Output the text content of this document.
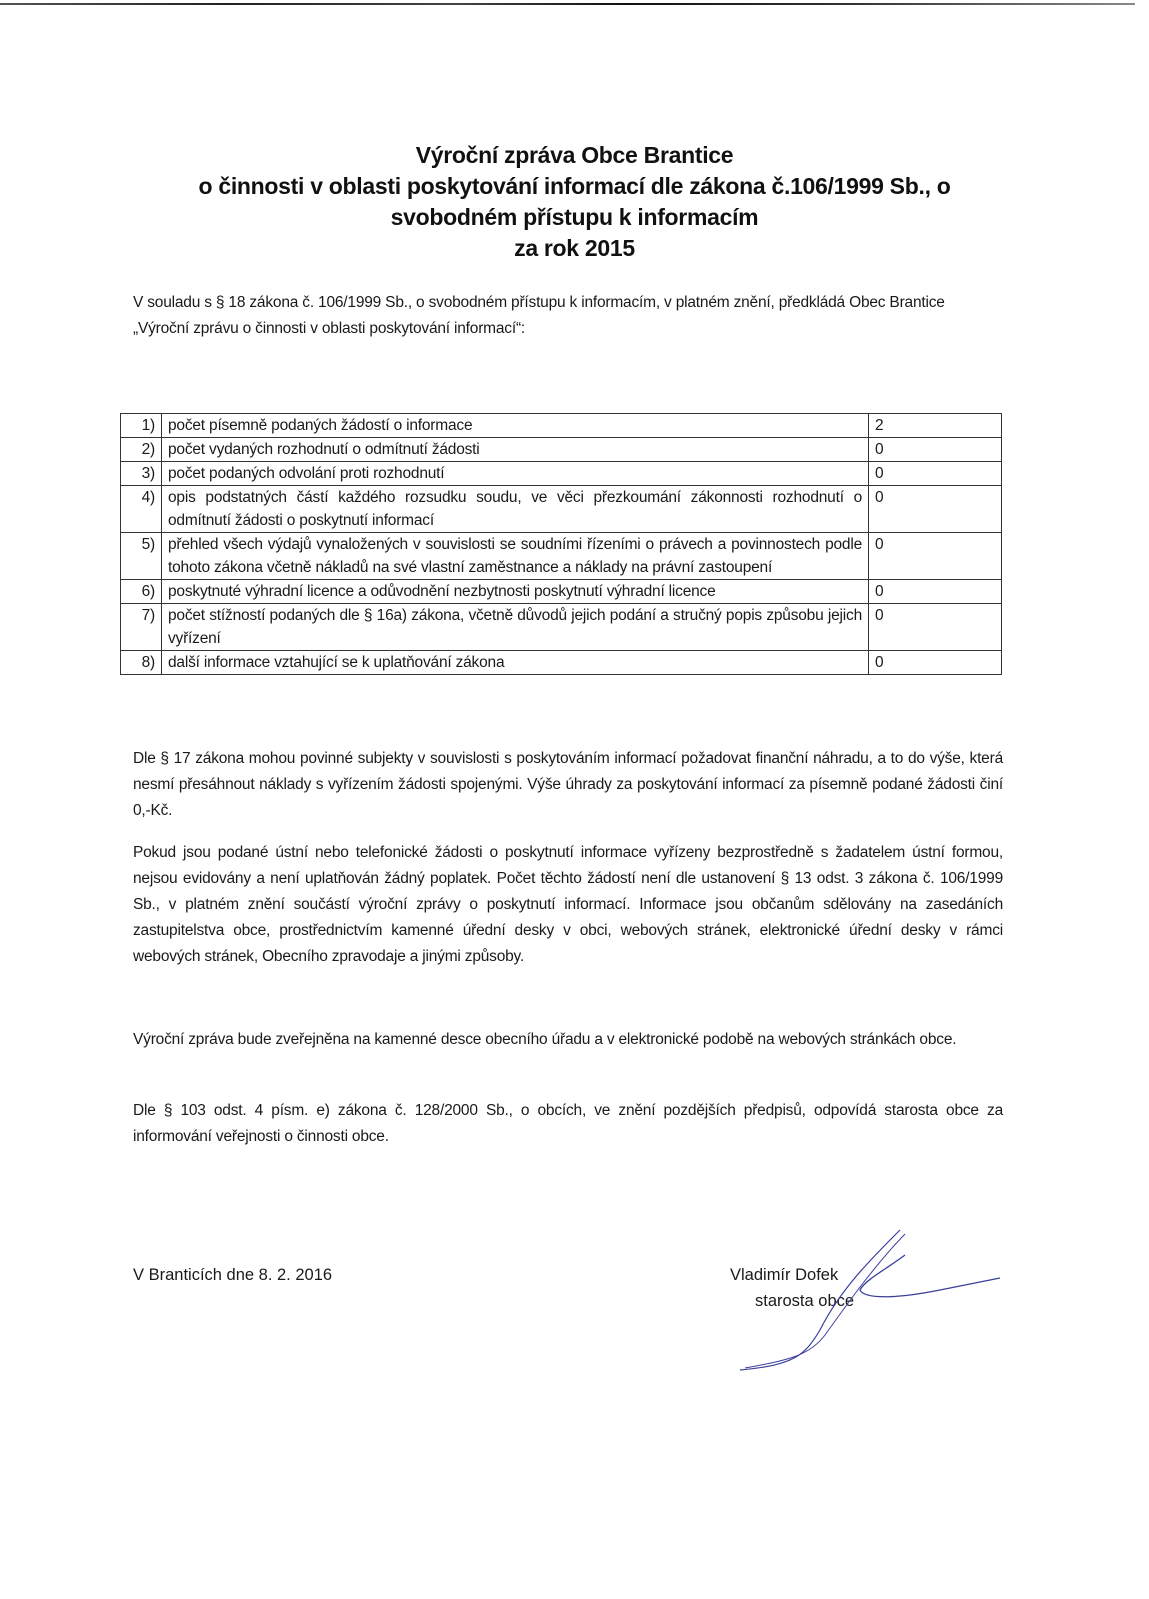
Výroční zpráva Obce Brantice
o činnosti v oblasti poskytování informací dle zákona č.106/1999 Sb., o
svobodném přístupu k informacím
za rok 2015
V souladu s § 18 zákona č. 106/1999 Sb., o svobodném přístupu k informacím, v platném znění, předkládá Obec Brantice „Výroční zprávu o činnosti v oblasti poskytování informací“:
1)	počet písemně podaných žádostí o informace	2
2)	počet vydaných rozhodnutí o odmítnutí žádosti	0
3)	počet podaných odvolání proti rozhodnutí	0
4)	opis podstatných částí každého rozsudku soudu, ve věci přezkoumání zákonnosti rozhodnutí o odmítnutí žádosti o poskytnutí informací	0
5)	přehled všech výdajů vynaložených v souvislosti se soudními řízeními o právech a povinnostech podle tohoto zákona včetně nákladů na své vlastní zaměstnance a náklady na právní zastoupení	0
6)	poskytnuté výhradní licence a odůvodnění nezbytnosti poskytnutí výhradní licence	0
7)	počet stížností podaných dle § 16a) zákona, včetně důvodů jejich podání a stručný popis způsobu jejich vyřízení	0
8)	další informace vztahující se k uplatňování zákona	0
Dle § 17 zákona mohou povinné subjekty v souvislosti s poskytováním informací požadovat finanční náhradu, a to do výše, která nesmí přesáhnout náklady s vyřízením žádosti spojenými. Výše úhrady za poskytování informací za písemně podané žádosti činí 0,-Kč.
Pokud jsou podané ústní nebo telefonické žádosti o poskytnutí informace vyřízeny bezprostředně s žadatelem ústní formou, nejsou evidovány a není uplatňován žádný poplatek. Počet těchto žádostí není dle ustanovení § 13 odst. 3 zákona č. 106/1999 Sb., v platném znění součástí výroční zprávy o poskytnutí informací. Informace jsou občanům sdělovány na zasedáních zastupitelstva obce, prostřednictvím kamenné úřední desky v obci, webových stránek, elektronické úřední desky v rámci webových stránek, Obecního zpravodaje a jinými způsoby.
Výroční zpráva bude zveřejněna na kamenné desce obecního úřadu a v elektronické podobě na webových stránkách obce.
Dle § 103 odst. 4 písm. e) zákona č. 128/2000 Sb., o obcích, ve znění pozdějších předpisů, odpovídá starosta obce za informování veřejnosti o činnosti obce.
V Branticích dne 8. 2. 2016	Vladimír Dofek
starosta obce
